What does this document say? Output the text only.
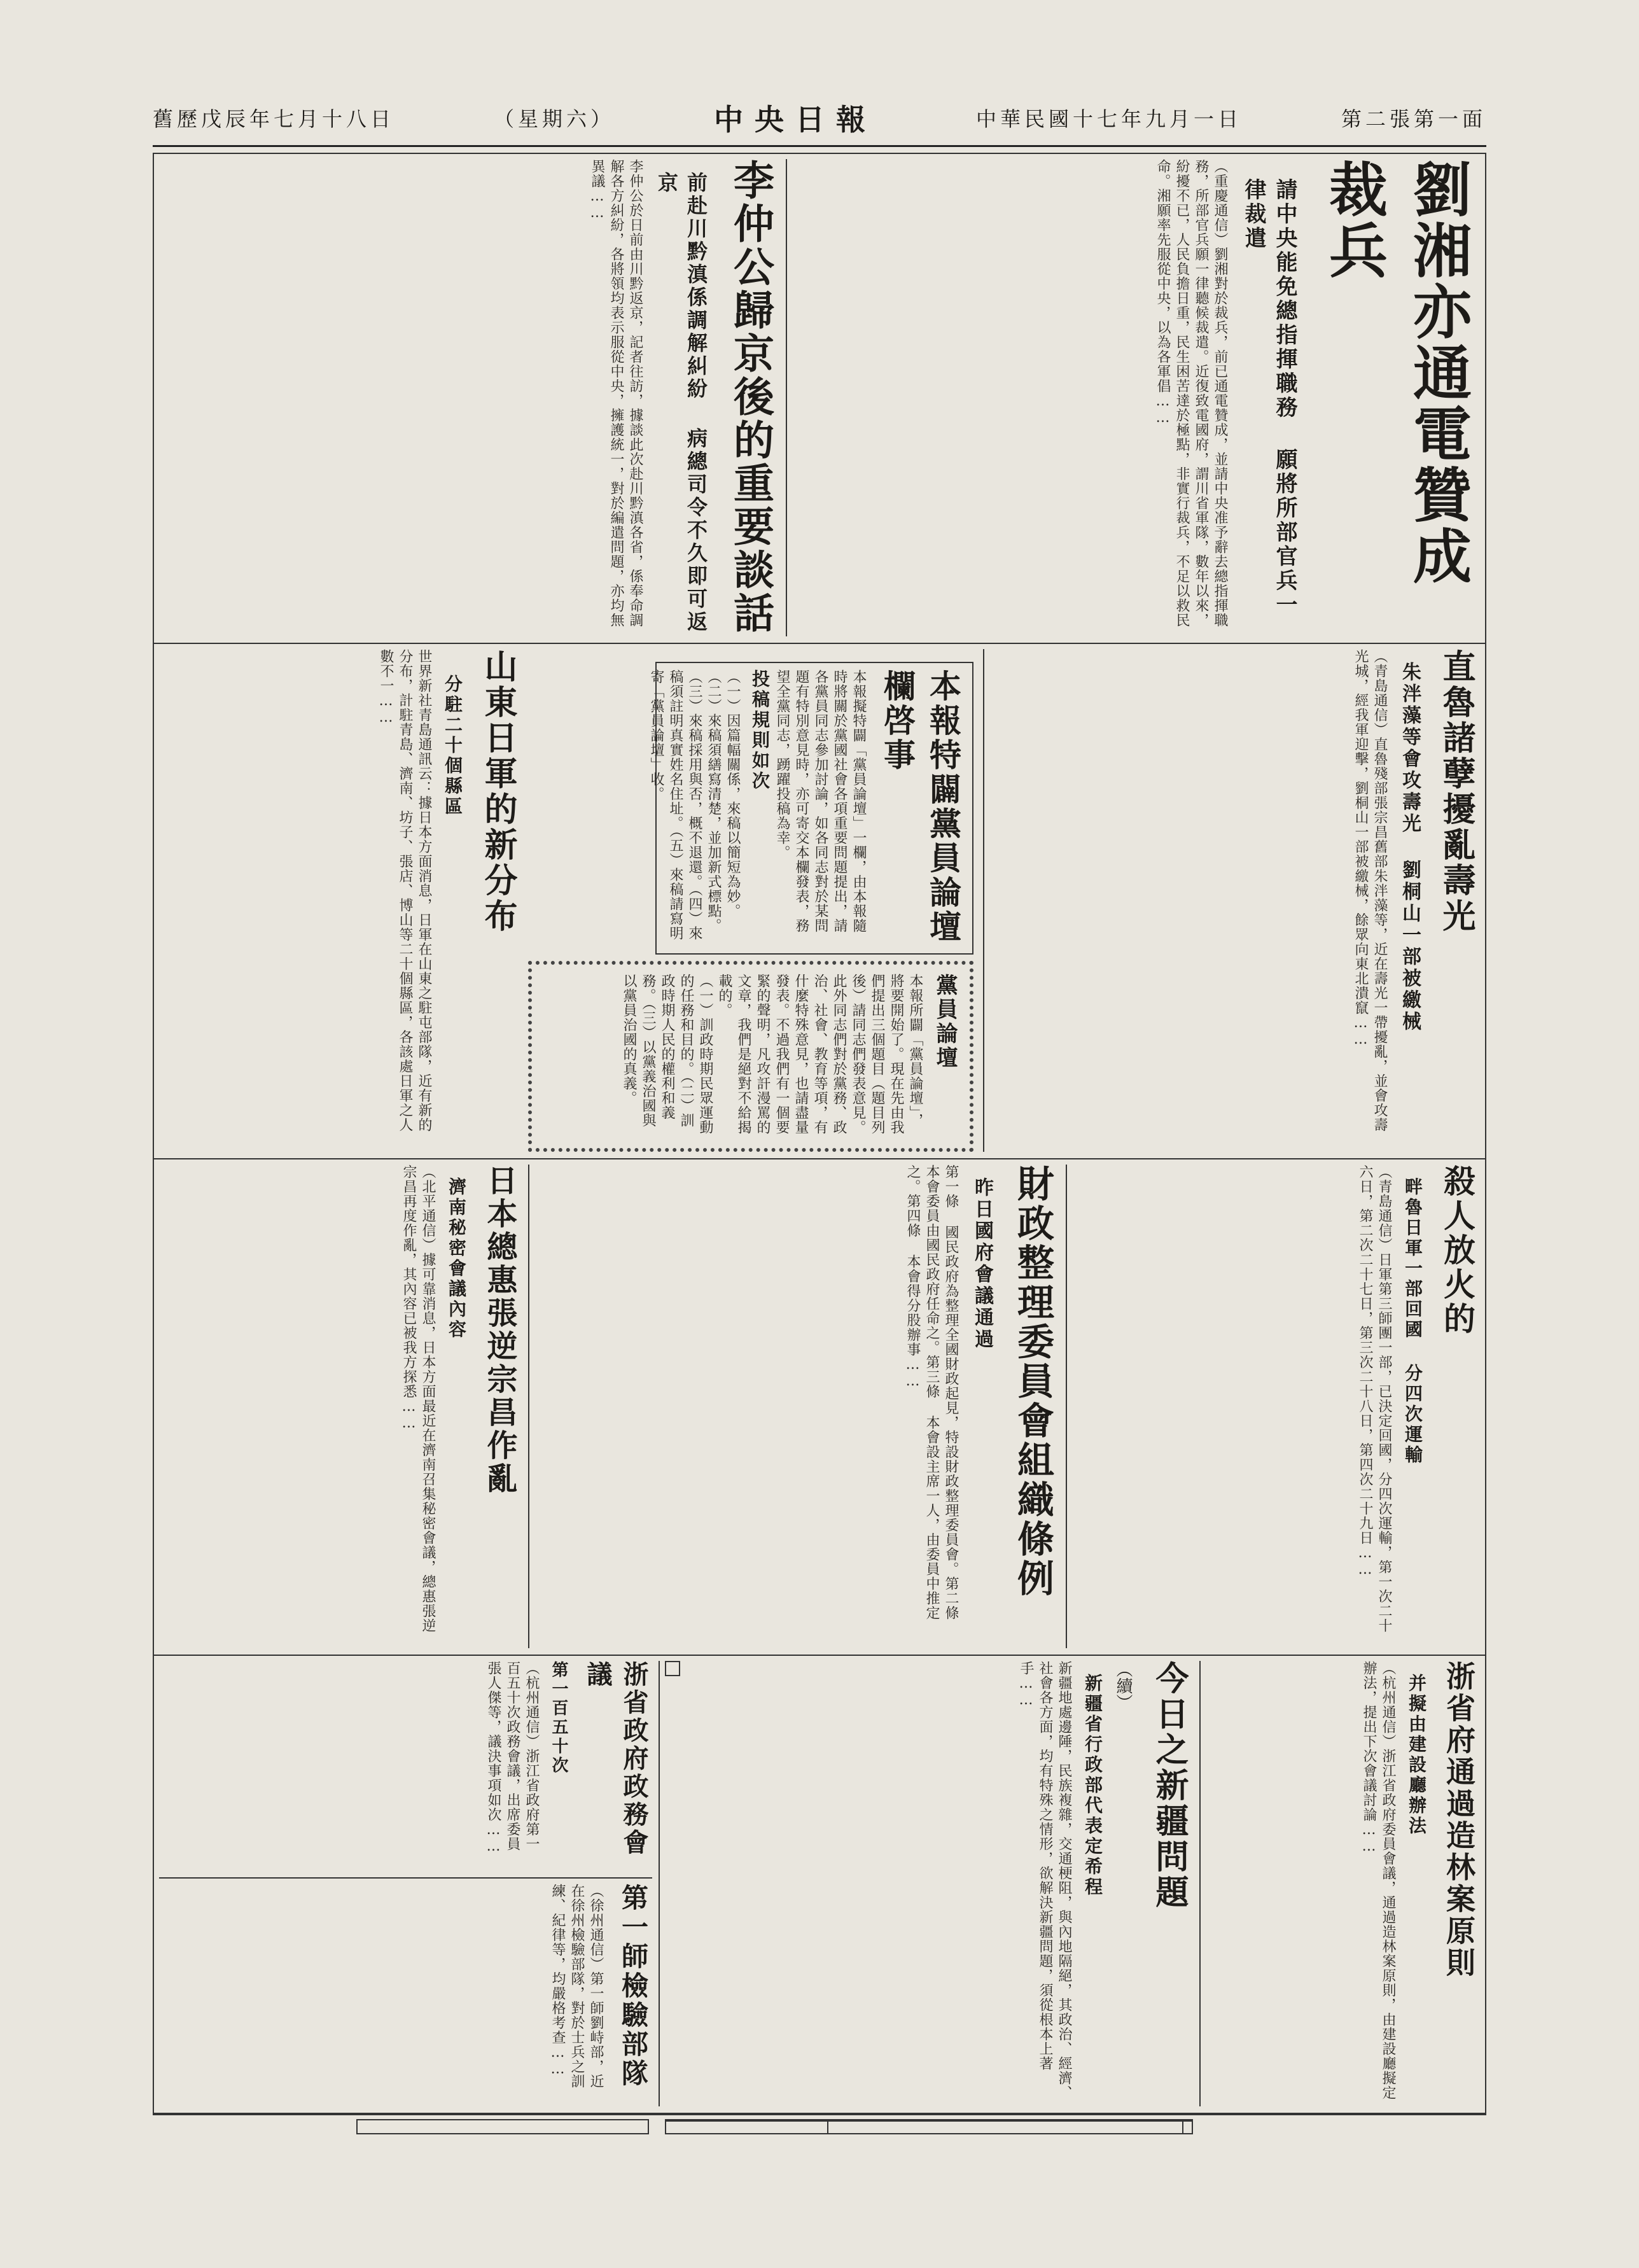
舊歷戊辰年七月十八日	（星期六）	中央日報	中華民國十七年九月一日	第二張第一面
劉湘亦通電贊成裁兵
請中央能免總指揮職務 願將所部官兵一律裁遣
（重慶通信）劉湘對於裁兵，前已通電贊成，並請中央准予辭去總指揮職務，所部官兵願一律聽候裁遣。近復致電國府，謂川省軍隊，數年以來，紛擾不已，人民負擔日重，民生困苦達於極點，非實行裁兵，不足以救民命。湘願率先服從中央，以為各軍倡……
李仲公歸京後的重要談話
前赴川黔滇係調解糾紛 病總司令不久即可返京
李仲公於日前由川黔返京，記者往訪，據談此次赴川黔滇各省，係奉命調解各方糾紛，各將領均表示服從中央，擁護統一，對於編遣問題，亦均無異議……
直魯諸孽擾亂壽光
朱泮藻等會攻壽光 劉桐山一部被繳械
（青島通信）直魯殘部張宗昌舊部朱泮藻等，近在壽光一帶擾亂，並會攻壽光城，經我軍迎擊，劉桐山一部被繳械，餘眾向東北潰竄……
本報特闢黨員論壇欄啓事
本報擬特闢「黨員論壇」一欄，由本報隨時將關於黨國社會各項重要問題提出，請各黨員同志參加討論，如各同志對於某問題有特別意見時，亦可寄交本欄發表，務望全黨同志，踴躍投稿為幸。
投稿規則如次
（一）因篇幅關係，來稿以簡短為妙。（二）來稿須繕寫清楚，並加新式標點。（三）來稿採用與否，概不退還。（四）來稿須註明真實姓名住址。（五）來稿請寫明寄「黨員論壇」收。
黨員論壇
本報所闢「黨員論壇」，將要開始了。現在先由我們提出三個題目（題目列後）請同志們發表意見。此外同志們對於黨務、政治、社會、教育等項，有什麼特殊意見，也請盡量發表。不過我們有一個要緊的聲明，凡攻訐漫罵的文章，我們是絕對不給揭載的。
（一）訓政時期民眾運動的任務和目的。（二）訓政時期人民的權利和義務。（三）以黨義治國與以黨員治國的真義。
山東日軍的新分布
分駐二十個縣區
世界新社青島通訊云：據日本方面消息，日軍在山東之駐屯部隊，近有新的分布，計駐青島、濟南、坊子、張店、博山等二十個縣區，各該處日軍之人數不一……
殺人放火的
畔魯日軍一部回國 分四次運輸
（青島通信）日軍第三師團一部，已決定回國，分四次運輸，第一次二十六日，第二次二十七日，第三次二十八日，第四次二十九日……
財政整理委員會組織條例
昨日國府會議通過
第一條 國民政府為整理全國財政起見，特設財政整理委員會。第二條 本會委員由國民政府任命之。第三條 本會設主席一人，由委員中推定之。第四條 本會得分股辦事……
日本總惠張逆宗昌作亂
濟南秘密會議內容
（北平通信）據可靠消息，日本方面最近在濟南召集秘密會議，總惠張逆宗昌再度作亂，其內容已被我方探悉……
浙省府通過造林案原則
并擬由建設廳辦法
（杭州通信）浙江省政府委員會議，通過造林案原則，由建設廳擬定辦法，提出下次會議討論……
今日之新疆問題
（續）
新疆省行政部代表定希程
新疆地處邊陲，民族複雜，交通梗阻，與內地隔絕，其政治、經濟、社會各方面，均有特殊之情形，欲解決新疆問題，須從根本上著手……
浙省政府政務會議
第一百五十次
（杭州通信）浙江省政府第一百五十次政務會議，出席委員張人傑等，議決事項如次……
第一師檢驗部隊
（徐州通信）第一師劉峙部，近在徐州檢驗部隊，對於士兵之訓練、紀律等，均嚴格考查……
